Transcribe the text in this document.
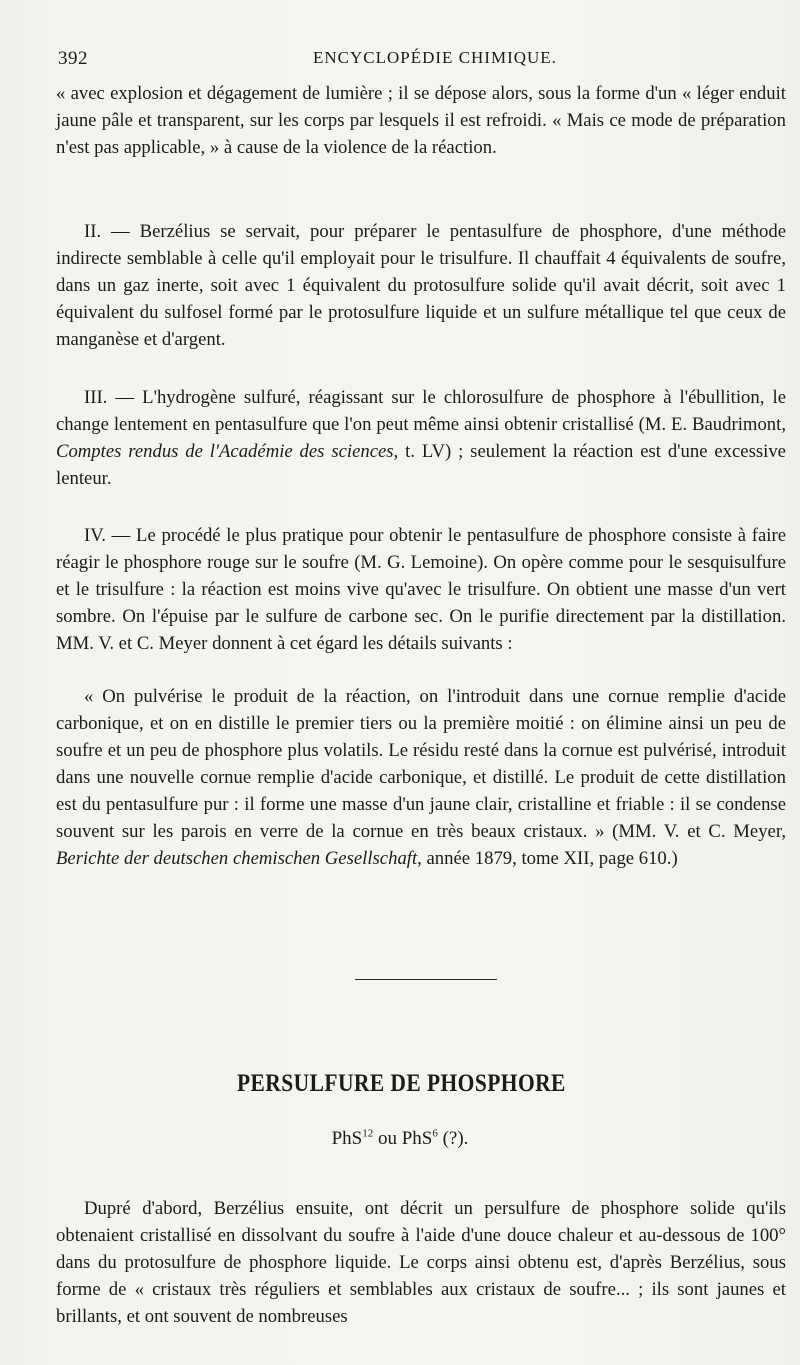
392	ENCYCLOPÉDIE CHIMIQUE.
« avec explosion et dégagement de lumière ; il se dépose alors, sous la forme d'un « léger enduit jaune pâle et transparent, sur les corps par lesquels il est refroidi. « Mais ce mode de préparation n'est pas applicable, » à cause de la violence de la réaction.
II. — Berzélius se servait, pour préparer le pentasulfure de phosphore, d'une méthode indirecte semblable à celle qu'il employait pour le trisulfure. Il chauffait 4 équivalents de soufre, dans un gaz inerte, soit avec 1 équivalent du protosulfure solide qu'il avait décrit, soit avec 1 équivalent du sulfosel formé par le protosulfure liquide et un sulfure métallique tel que ceux de manganèse et d'argent.
III. — L'hydrogène sulfuré, réagissant sur le chlorosulfure de phosphore à l'ébullition, le change lentement en pentasulfure que l'on peut même ainsi obtenir cristallisé (M. E. Baudrimont, Comptes rendus de l'Académie des sciences, t. LV) ; seulement la réaction est d'une excessive lenteur.
IV. — Le procédé le plus pratique pour obtenir le pentasulfure de phosphore consiste à faire réagir le phosphore rouge sur le soufre (M. G. Lemoine). On opère comme pour le sesquisulfure et le trisulfure : la réaction est moins vive qu'avec le trisulfure. On obtient une masse d'un vert sombre. On l'épuise par le sulfure de carbone sec. On le purifie directement par la distillation. MM. V. et C. Meyer donnent à cet égard les détails suivants :
« On pulvérise le produit de la réaction, on l'introduit dans une cornue remplie d'acide carbonique, et on en distille le premier tiers ou la première moitié : on élimine ainsi un peu de soufre et un peu de phosphore plus volatils. Le résidu resté dans la cornue est pulvérisé, introduit dans une nouvelle cornue remplie d'acide carbonique, et distillé. Le produit de cette distillation est du pentasulfure pur : il forme une masse d'un jaune clair, cristalline et friable : il se condense souvent sur les parois en verre de la cornue en très beaux cristaux. » (MM. V. et C. Meyer, Berichte der deutschen chemischen Gesellschaft, année 1879, tome XII, page 610.)
PERSULFURE DE PHOSPHORE
PhS$^{12}$ ou PhS$^6$ (?).
Dupré d'abord, Berzélius ensuite, ont décrit un persulfure de phosphore solide qu'ils obtenaient cristallisé en dissolvant du soufre à l'aide d'une douce chaleur et au-dessous de 100° dans du protosulfure de phosphore liquide. Le corps ainsi obtenu est, d'après Berzélius, sous forme de « cristaux très réguliers et semblables aux cristaux de soufre... ; ils sont jaunes et brillants, et ont souvent de nombreuses
